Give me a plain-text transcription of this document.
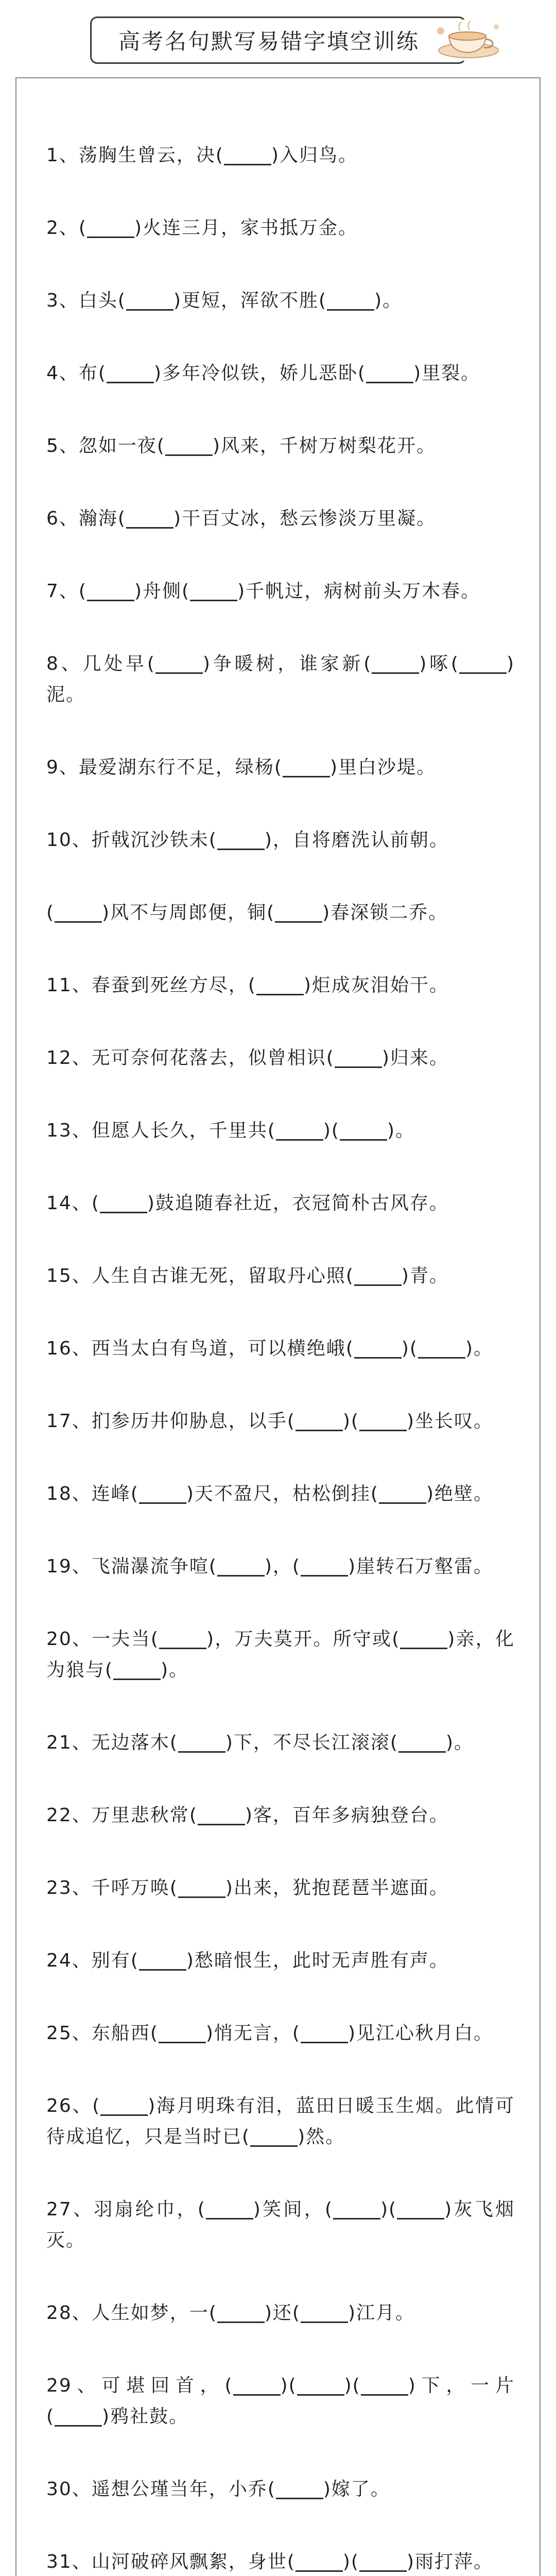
高考名句默写易错字填空训练
1、荡胸生曾云，决(	)入归鸟。
2、(	)火连三月，家书抵万金。
3、白头(	)更短，浑欲不胜(	)。
4、布(	)多年冷似铁，娇儿恶卧(	)里裂。
5、忽如一夜(	)风来，千树万树梨花开。
6、瀚海(	)干百丈冰，愁云惨淡万里凝。
7、(	)舟侧(	)千帆过，病树前头万木春。
8、几处早(	)争暖树，谁家新(	)啄(	)泥。
9、最爱湖东行不足，绿杨(	)里白沙堤。
10、折戟沉沙铁未(	)，自将磨洗认前朝。
(	)风不与周郎便，铜(	)春深锁二乔。
11、春蚕到死丝方尽，(	)炬成灰泪始干。
12、无可奈何花落去，似曾相识(	)归来。
13、但愿人长久，千里共(	)(	)。
14、(	)鼓追随春社近，衣冠简朴古风存。
15、人生自古谁无死，留取丹心照(	)青。
16、西当太白有鸟道，可以横绝峨(	)(	)。
17、扪参历井仰胁息，以手(	)(	)坐长叹。
18、连峰(	)天不盈尺，枯松倒挂(	)绝壁。
19、飞湍瀑流争喧(	)，(	)崖转石万壑雷。
20、一夫当(	)，万夫莫开。所守或(	)亲，化为狼与(	)。
21、无边落木(	)下，不尽长江滚滚(	)。
22、万里悲秋常(	)客，百年多病独登台。
23、千呼万唤(	)出来，犹抱琵琶半遮面。
24、别有(	)愁暗恨生，此时无声胜有声。
25、东船西(	)悄无言，(	)见江心秋月白。
26、(	)海月明珠有泪，蓝田日暖玉生烟。此情可待成追忆，只是当时已(	)然。
27、羽扇纶巾，(	)笑间，(	)(	)灰飞烟灭。
28、人生如梦，一(	)还(	)江月。
29、可堪回首，(	)(	)(	)下，一片(	)鸦社鼓。
30、遥想公瑾当年，小乔(	)嫁了。
31、山河破碎风飘絮，身世(	)(	)雨打萍。
